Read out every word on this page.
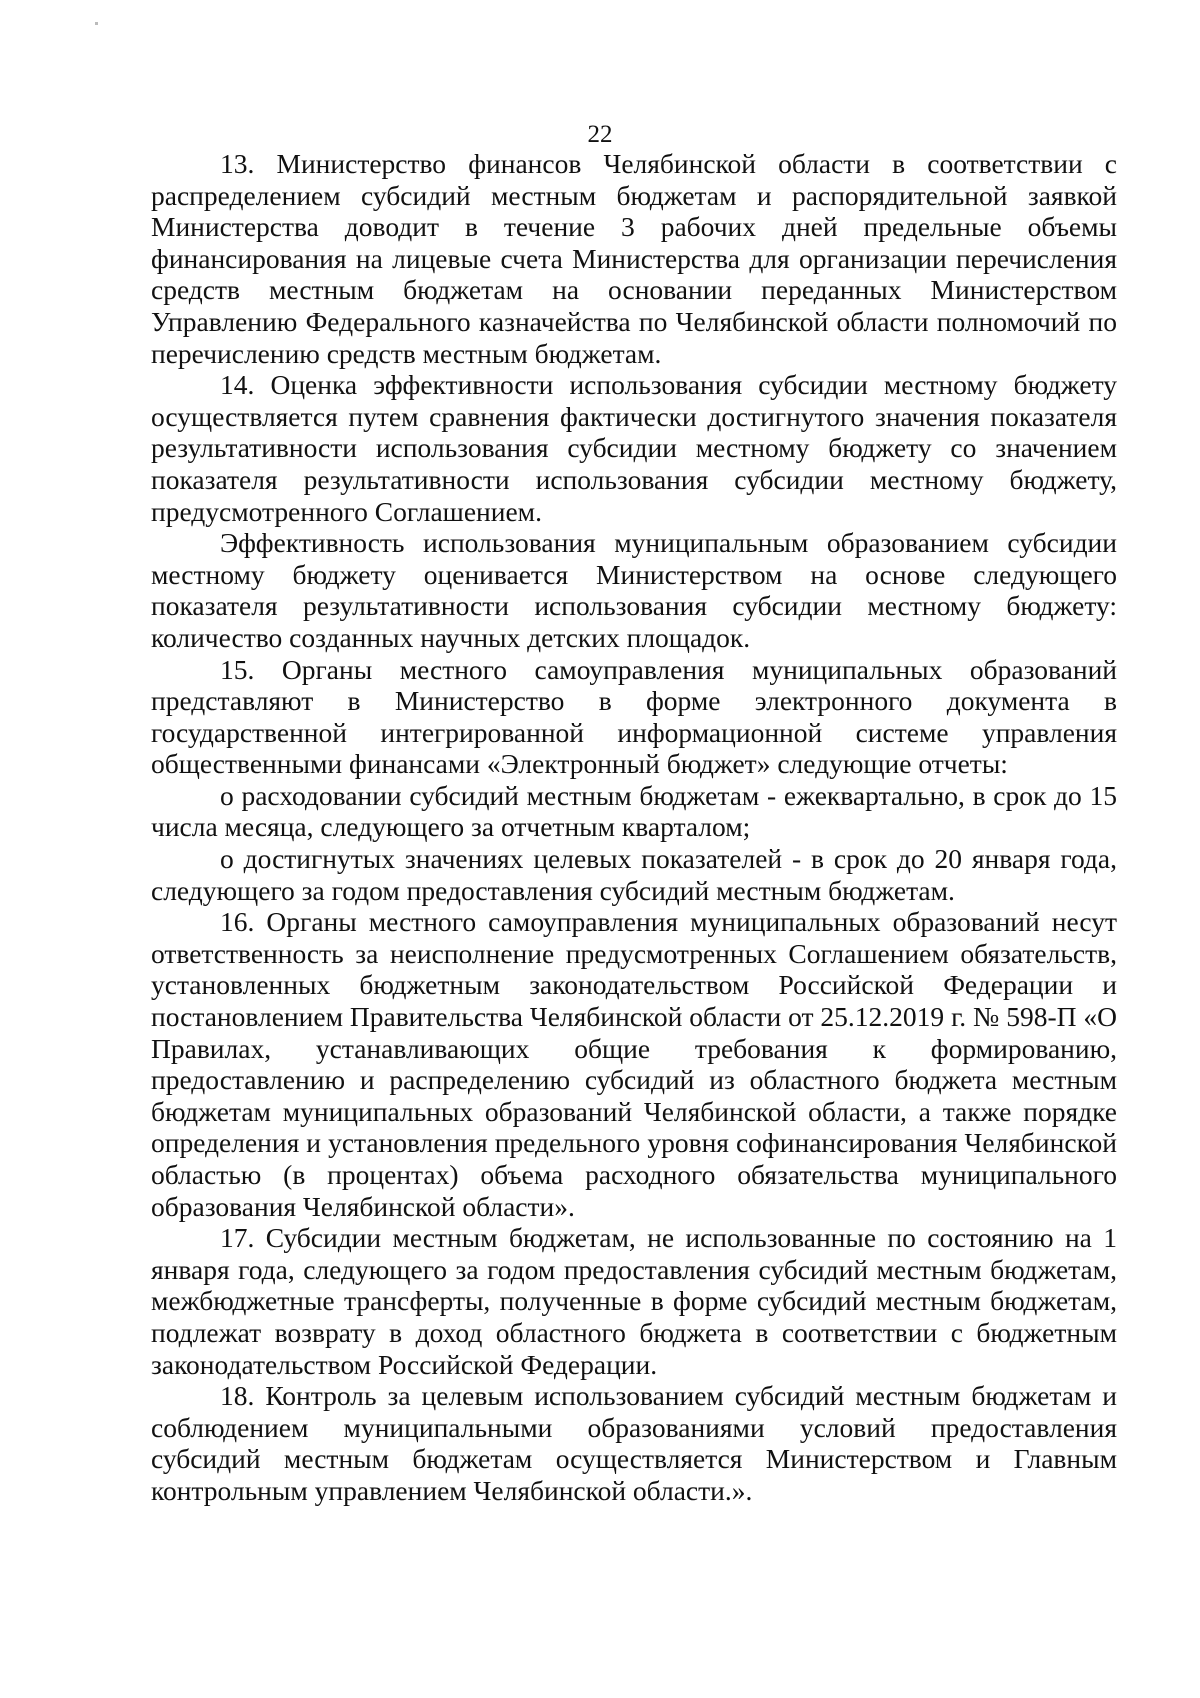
22

13. Министерство финансов Челябинской области в соответствии с распределением субсидий местным бюджетам и распорядительной заявкой Министерства доводит в течение 3 рабочих дней предельные объемы финансирования на лицевые счета Министерства для организации перечисления средств местным бюджетам на основании переданных Министерством Управлению Федерального казначейства по Челябинской области полномочий по перечислению средств местным бюджетам.

14. Оценка эффективности использования субсидии местному бюджету осуществляется путем сравнения фактически достигнутого значения показателя результативности использования субсидии местному бюджету со значением показателя результативности использования субсидии местному бюджету, предусмотренного Соглашением.

Эффективность использования муниципальным образованием субсидии местному бюджету оценивается Министерством на основе следующего показателя результативности использования субсидии местному бюджету: количество созданных научных детских площадок.

15. Органы местного самоуправления муниципальных образований представляют в Министерство в форме электронного документа в государственной интегрированной информационной системе управления общественными финансами «Электронный бюджет» следующие отчеты:

о расходовании субсидий местным бюджетам - ежеквартально, в срок до 15 числа месяца, следующего за отчетным кварталом;

о достигнутых значениях целевых показателей - в срок до 20 января года, следующего за годом предоставления субсидий местным бюджетам.

16. Органы местного самоуправления муниципальных образований несут ответственность за неисполнение предусмотренных Соглашением обязательств, установленных бюджетным законодательством Российской Федерации и постановлением Правительства Челябинской области от 25.12.2019 г. № 598-П «О Правилах, устанавливающих общие требования к формированию, предоставлению и распределению субсидий из областного бюджета местным бюджетам муниципальных образований Челябинской области, а также порядке определения и установления предельного уровня софинансирования Челябинской областью (в процентах) объема расходного обязательства муниципального образования Челябинской области».

17. Субсидии местным бюджетам, не использованные по состоянию на 1 января года, следующего за годом предоставления субсидий местным бюджетам, межбюджетные трансферты, полученные в форме субсидий местным бюджетам, подлежат возврату в доход областного бюджета в соответствии с бюджетным законодательством Российской Федерации.

18. Контроль за целевым использованием субсидий местным бюджетам и соблюдением муниципальными образованиями условий предоставления субсидий местным бюджетам осуществляется Министерством и Главным контрольным управлением Челябинской области.».
